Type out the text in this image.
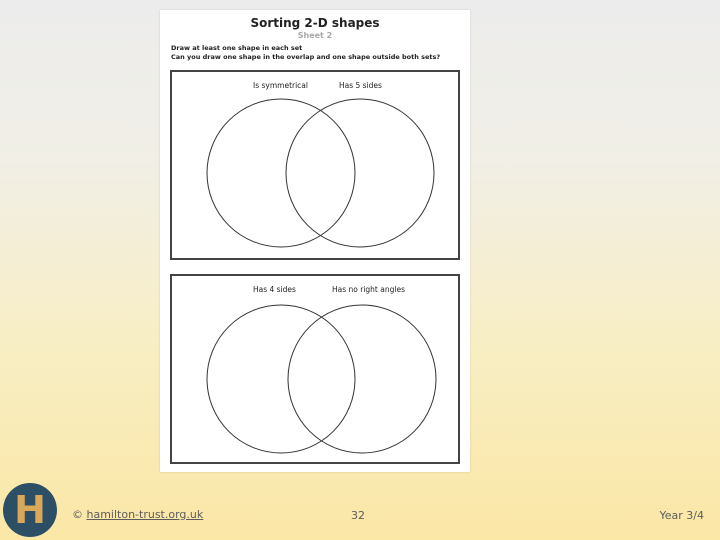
Sorting 2-D shapes
Sheet 2
Draw at least one shape in each set
Can you draw one shape in the overlap and one shape outside both sets?
Is symmetrical	Has 5 sides
Has 4 sides	Has no right angles
H © hamilton-trust.org.uk	32	Year 3/4
